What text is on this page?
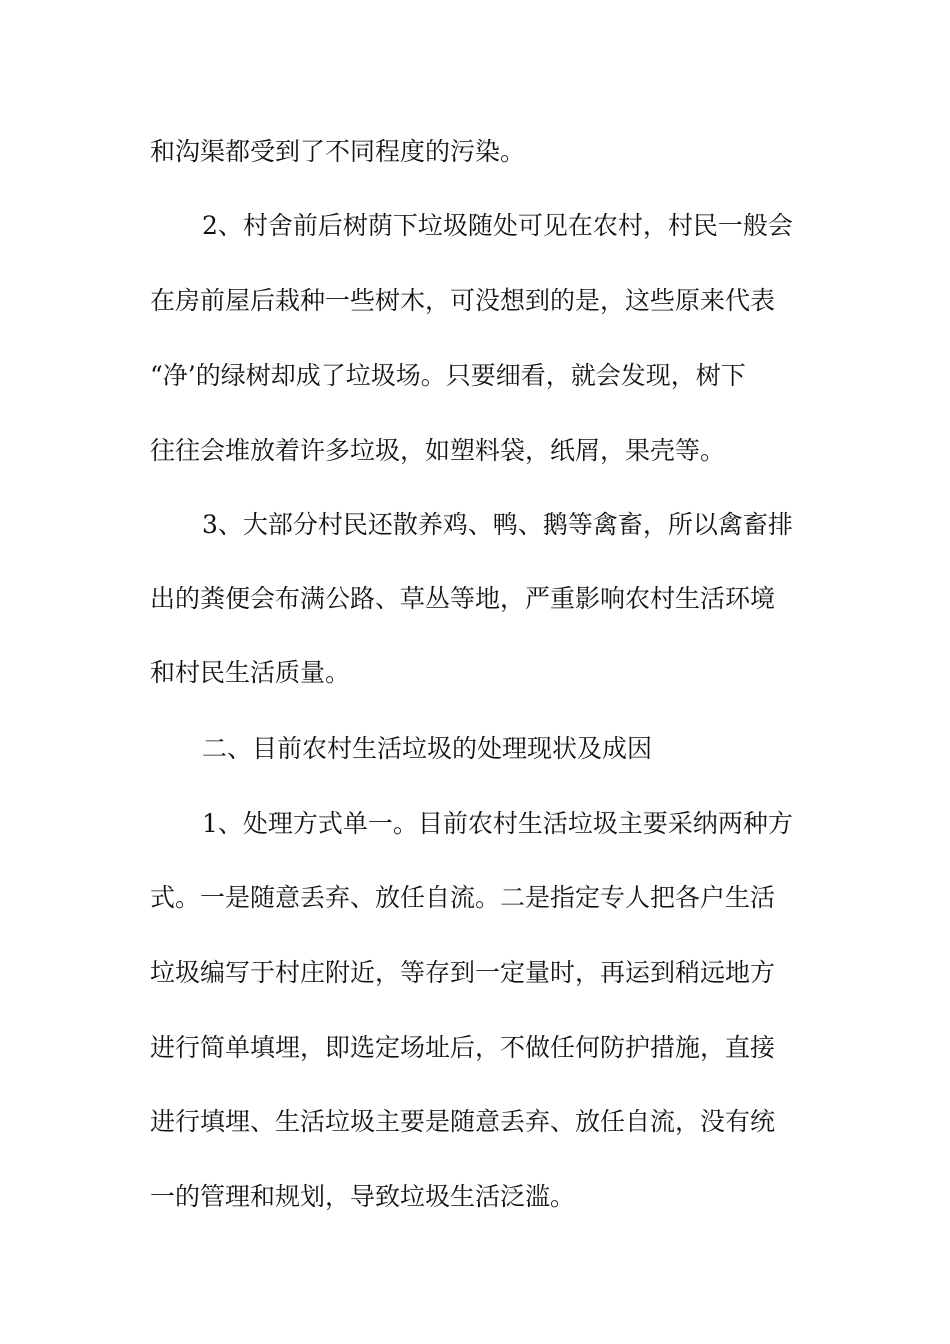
和沟渠都受到了不同程度的污染。
2、村舍前后树荫下垃圾随处可见在农村，村民一般会
在房前屋后栽种一些树木，可没想到的是，这些原来代表
“净’的绿树却成了垃圾场。只要细看，就会发现，树下
往往会堆放着许多垃圾，如塑料袋，纸屑，果壳等。
3、大部分村民还散养鸡、鸭、鹅等禽畜，所以禽畜排
出的粪便会布满公路、草丛等地，严重影响农村生活环境
和村民生活质量。
二、目前农村生活垃圾的处理现状及成因
1、处理方式单一。目前农村生活垃圾主要采纳两种方
式。一是随意丢弃、放任自流。二是指定专人把各户生活
垃圾编写于村庄附近，等存到一定量时，再运到稍远地方
进行简单填埋，即选定场址后，不做任何防护措施，直接
进行填埋、生活垃圾主要是随意丢弃、放任自流，没有统
一的管理和规划，导致垃圾生活泛滥。
